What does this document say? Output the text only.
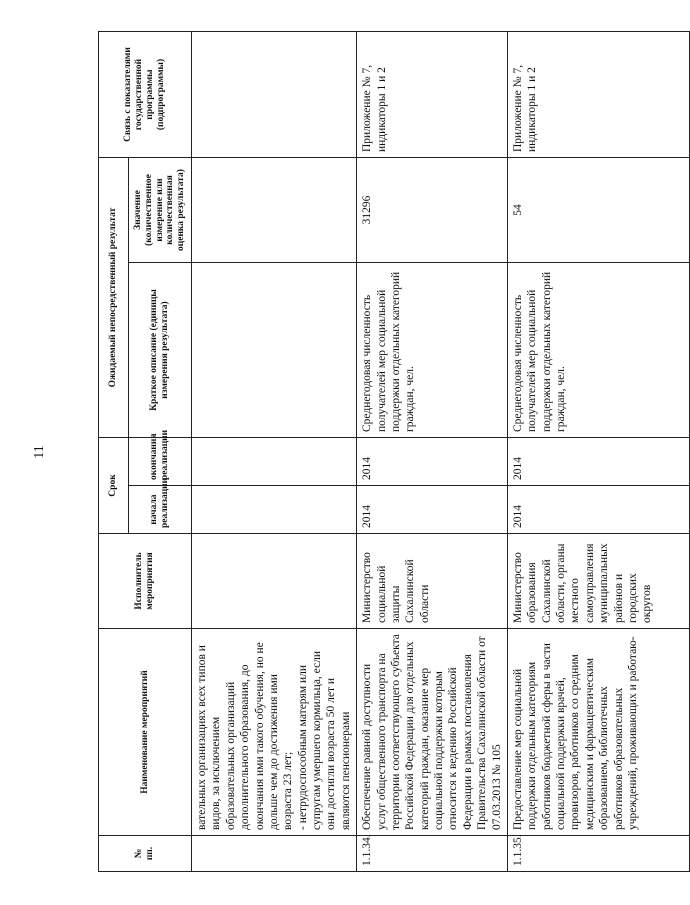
11
№ пп.	Наименование мероприятий	Исполнитель мероприятия	Срок		Ожидаемый непосредственный результат		Связь с показателями государственной программы (подпрограммы)
			начала реализации	окончания реализации	Краткое описание (единицы измерения результата)	Значение (количественное измерение или количественная оценка результата)	
	вательных организациях всех типов и видов, за исключением образовательных организаций дополнительного образования, до окончания ими такого обучения, но не дольше чем до достижения ими возраста 23 лет;
- нетрудоспособным матерям или супругам умершего кормильца, если они достигли возраста 50 лет и являются пенсионерами						
1.1.34.	Обеспечение равной доступности услуг общественного транспорта на территории соответствующего субъекта Российской Федерации для отдельных категорий граждан, оказание мер социальной поддержки которым относится к ведению Российской Федерации в рамках постановления Правительства Сахалинской области от 07.03.2013 № 105	Министерство социальной защиты Сахалинской области	2014	2014	Среднегодовая численность получателей мер социальной поддержки отдельных категорий граждан, чел.	31296	Приложение № 7, индикаторы 1 и 2
1.1.35.	Предоставление мер социальной поддержки отдельным категориям работников бюджетной сферы в части социальной поддержки врачей, провизоров, работников со средним медицинским и фармацевтическим образованием, библиотечных работников образовательных учреждений, проживающих и работаю-	Министерство образования Сахалинской области, органы местного самоуправления муниципальных районов и городских округов	2014	2014	Среднегодовая численность получателей мер социальной поддержки отдельных категорий граждан, чел.	54	Приложение № 7, индикаторы 1 и 2
